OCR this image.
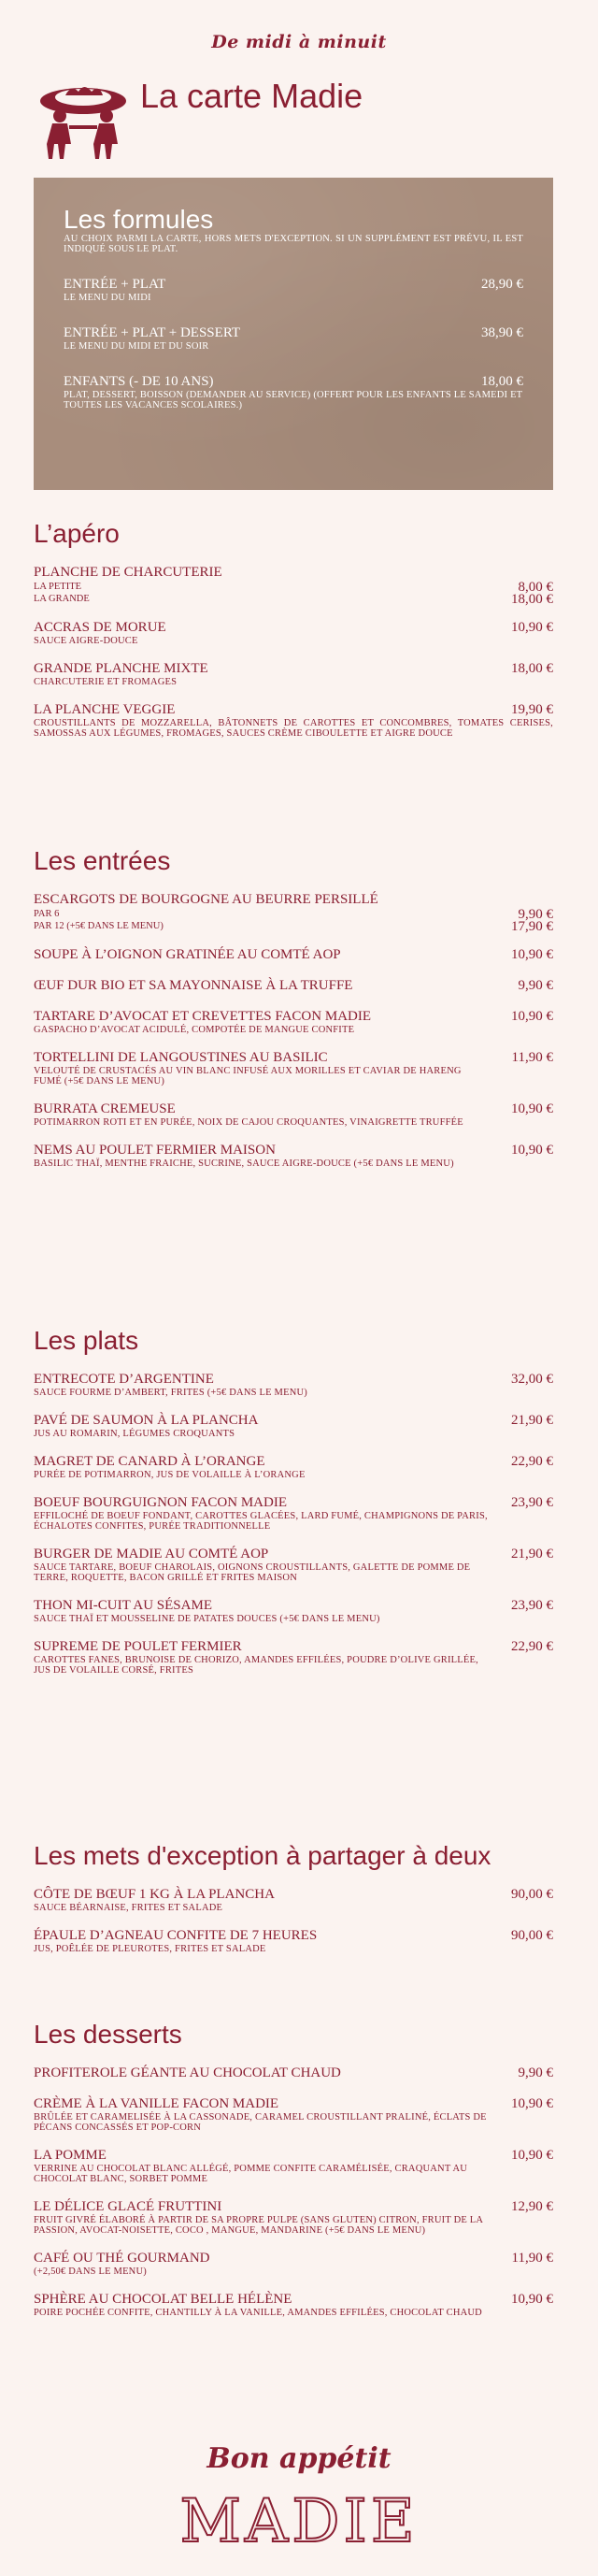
De midi à minuit
La carte Madie
Les formules
AU CHOIX PARMI LA CARTE, HORS METS D'EXCEPTION. SI UN SUPPLÉMENT EST PRÉVU, IL EST INDIQUÉ SOUS LE PLAT.
ENTRÉE + PLAT	28,90 €
LE MENU DU MIDI
ENTRÉE + PLAT + DESSERT	38,90 €
LE MENU DU MIDI ET DU SOIR
ENFANTS (- DE 10 ANS)	18,00 €
PLAT, DESSERT, BOISSON (DEMANDER AU SERVICE) (OFFERT POUR LES ENFANTS LE SAMEDI ET TOUTES LES VACANCES SCOLAIRES.)
L’apéro
PLANCHE DE CHARCUTERIE
LA PETITE	8,00 €
LA GRANDE	18,00 €
ACCRAS DE MORUE	10,90 €
SAUCE AIGRE-DOUCE
GRANDE PLANCHE MIXTE	18,00 €
CHARCUTERIE ET FROMAGES
LA PLANCHE VEGGIE	19,90 €
CROUSTILLANTS DE MOZZARELLA, BÂTONNETS DE CAROTTES ET CONCOMBRES, TOMATES CERISES, SAMOSSAS AUX LÉGUMES, FROMAGES, SAUCES CRÈME CIBOULETTE ET AIGRE DOUCE
Les entrées
ESCARGOTS DE BOURGOGNE AU BEURRE PERSILLÉ
PAR 6	9,90 €
PAR 12 (+5€ DANS LE MENU)	17,90 €
SOUPE À L’OIGNON GRATINÉE AU COMTÉ AOP	10,90 €
ŒUF DUR BIO ET SA MAYONNAISE À LA TRUFFE	9,90 €
TARTARE D’AVOCAT ET CREVETTES FACON MADIE	10,90 €
GASPACHO D’AVOCAT ACIDULÉ, COMPOTÉE DE MANGUE CONFITE
TORTELLINI DE LANGOUSTINES AU BASILIC	11,90 €
VELOUTÉ DE CRUSTACÉS AU VIN BLANC INFUSÉ AUX MORILLES ET CAVIAR DE HARENG FUMÉ (+5€ DANS LE MENU)
BURRATA CREMEUSE	10,90 €
POTIMARRON ROTI ET EN PURÉE, NOIX DE CAJOU CROQUANTES, VINAIGRETTE TRUFFÉE
NEMS AU POULET FERMIER MAISON	10,90 €
BASILIC THAÏ, MENTHE FRAICHE, SUCRINE, SAUCE AIGRE-DOUCE (+5€ DANS LE MENU)
Les plats
ENTRECOTE D’ARGENTINE	32,00 €
SAUCE FOURME D’AMBERT, FRITES (+5€ DANS LE MENU)
PAVÉ DE SAUMON À LA PLANCHA	21,90 €
JUS AU ROMARIN, LÉGUMES CROQUANTS
MAGRET DE CANARD À L’ORANGE	22,90 €
PURÉE DE POTIMARRON, JUS DE VOLAILLE À L’ORANGE
BOEUF BOURGUIGNON FACON MADIE	23,90 €
EFFILOCHÉ DE BOEUF FONDANT, CAROTTES GLACÉES, LARD FUMÉ, CHAMPIGNONS DE PARIS, ÉCHALOTES CONFITES, PURÉE TRADITIONNELLE
BURGER DE MADIE AU COMTÉ AOP	21,90 €
SAUCE TARTARE, BOEUF CHAROLAIS, OIGNONS CROUSTILLANTS, GALETTE DE POMME DE TERRE, ROQUETTE, BACON GRILLÉ ET FRITES MAISON
THON MI-CUIT AU SÉSAME	23,90 €
SAUCE THAÏ ET MOUSSELINE DE PATATES DOUCES (+5€ DANS LE MENU)
SUPREME DE POULET FERMIER	22,90 €
CAROTTES FANES, BRUNOISE DE CHORIZO, AMANDES EFFILÉES, POUDRE D’OLIVE GRILLÉE, JUS DE VOLAILLE CORSÉ, FRITES
Les mets d'exception à partager à deux
CÔTE DE BŒUF 1 KG À LA PLANCHA	90,00 €
SAUCE BÉARNAISE, FRITES ET SALADE
ÉPAULE D’AGNEAU CONFITE DE 7 HEURES	90,00 €
JUS, POÊLÉE DE PLEUROTES, FRITES ET SALADE
Les desserts
PROFITEROLE GÉANTE AU CHOCOLAT CHAUD	9,90 €
CRÈME À LA VANILLE FACON MADIE	10,90 €
BRÛLÉE ET CARAMELISÉE À LA CASSONADE, CARAMEL CROUSTILLANT PRALINÉ, ÉCLATS DE PÉCANS CONCASSÉS ET POP-CORN
LA POMME	10,90 €
VERRINE AU CHOCOLAT BLANC ALLÉGÉ, POMME CONFITE CARAMÉLISÉE, CRAQUANT AU CHOCOLAT BLANC, SORBET POMME
LE DÉLICE GLACÉ FRUTTINI	12,90 €
FRUIT GIVRÉ ÉLABORÉ À PARTIR DE SA PROPRE PULPE (SANS GLUTEN) CITRON, FRUIT DE LA PASSION, AVOCAT-NOISETTE, COCO , MANGUE, MANDARINE (+5€ DANS LE MENU)
CAFÉ OU THÉ GOURMAND	11,90 €
(+2,50€ DANS LE MENU)
SPHÈRE AU CHOCOLAT BELLE HÉLÈNE	10,90 €
POIRE POCHÉE CONFITE, CHANTILLY À LA VANILLE, AMANDES EFFILÉES, CHOCOLAT CHAUD
Bon appétit
MADIE
